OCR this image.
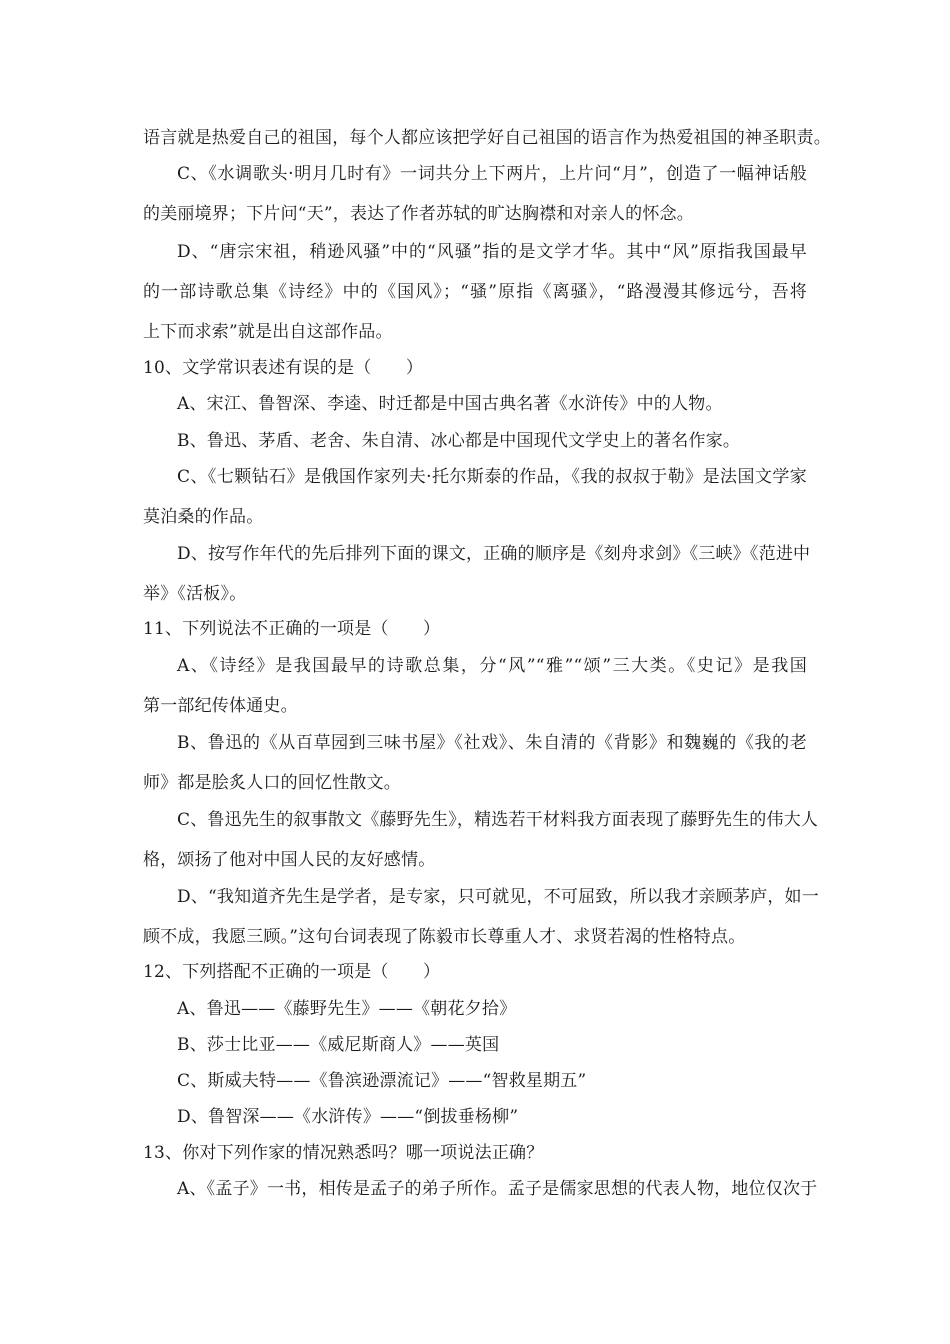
语言就是热爱自己的祖国，每个人都应该把学好自己祖国的语言作为热爱祖国的神圣职责。
C、《水调歌头·明月几时有》一词共分上下两片，上片问“月”，创造了一幅神话般
的美丽境界；下片问“天”，表达了作者苏轼的旷达胸襟和对亲人的怀念。
D、“唐宗宋祖，稍逊风骚”中的“风骚”指的是文学才华。其中“风”原指我国最早
的一部诗歌总集《诗经》中的《国风》；“骚”原指《离骚》，“路漫漫其修远兮，吾将
上下而求索”就是出自这部作品。
10、文学常识表述有误的是（　　）
A、宋江、鲁智深、李逵、时迁都是中国古典名著《水浒传》中的人物。
B、鲁迅、茅盾、老舍、朱自清、冰心都是中国现代文学史上的著名作家。
C、《七颗钻石》是俄国作家列夫·托尔斯泰的作品，《我的叔叔于勒》是法国文学家
莫泊桑的作品。
D、按写作年代的先后排列下面的课文，正确的顺序是《刻舟求剑》《三峡》《范进中
举》《活板》。
11、下列说法不正确的一项是（　　）
A、《诗经》是我国最早的诗歌总集，分“风”“雅”“颂”三大类。《史记》是我国
第一部纪传体通史。
B、鲁迅的《从百草园到三味书屋》《社戏》、朱自清的《背影》和魏巍的《我的老
师》都是脍炙人口的回忆性散文。
C、鲁迅先生的叙事散文《藤野先生》，精选若干材料我方面表现了藤野先生的伟大人
格，颂扬了他对中国人民的友好感情。
D、“我知道齐先生是学者，是专家，只可就见，不可屈致，所以我才亲顾茅庐，如一
顾不成，我愿三顾。”这句台词表现了陈毅市长尊重人才、求贤若渴的性格特点。
12、下列搭配不正确的一项是（　　）
A、鲁迅——《藤野先生》——《朝花夕拾》
B、莎士比亚——《威尼斯商人》——英国
C、斯威夫特——《鲁滨逊漂流记》——“智救星期五”
D、鲁智深——《水浒传》——“倒拔垂杨柳”
13、你对下列作家的情况熟悉吗？哪一项说法正确？
A、《孟子》一书，相传是孟子的弟子所作。孟子是儒家思想的代表人物，地位仅次于
